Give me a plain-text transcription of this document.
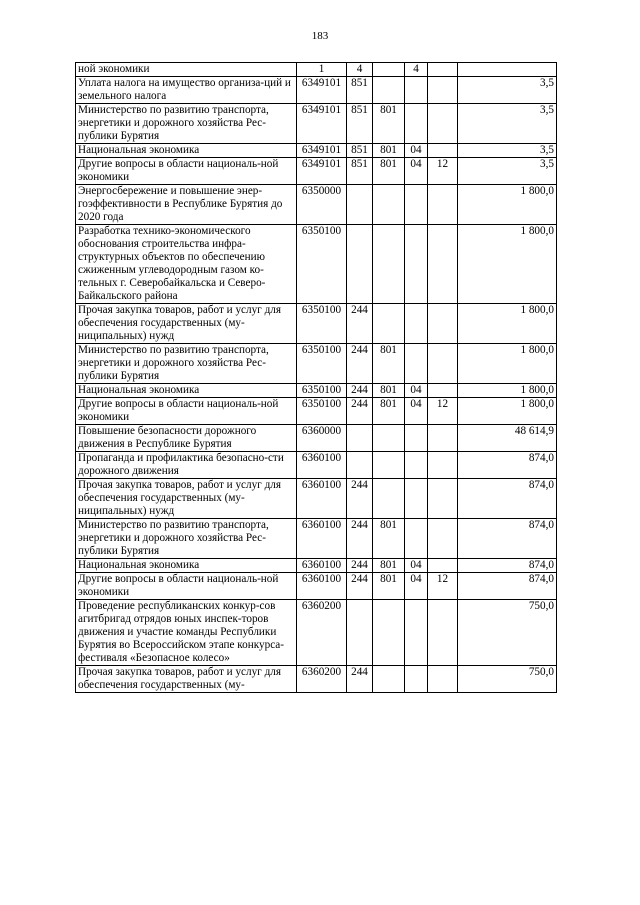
183
ной экономики	1	4		4		
Уплата налога на имущество организа-ций и земельного налога	6349101	851				3,5
Министерство по развитию транспорта, энергетики и дорожного хозяйства Рес-публики Бурятия	6349101	851	801			3,5
Национальная экономика	6349101	851	801	04		3,5
Другие вопросы в области националь-ной экономики	6349101	851	801	04	12	3,5
Энергосбережение и повышение энер-гоэффективности в Республике Бурятия до 2020 года	6350000					1 800,0
Разработка технико-экономического обоснования строительства инфра-структурных объектов по обеспечению сжиженным углеводородным газом ко-тельных г. Северобайкальска и Северо-Байкальского района	6350100					1 800,0
Прочая закупка товаров, работ и услуг для обеспечения государственных (му-ниципальных) нужд	6350100	244				1 800,0
Министерство по развитию транспорта, энергетики и дорожного хозяйства Рес-публики Бурятия	6350100	244	801			1 800,0
Национальная экономика	6350100	244	801	04		1 800,0
Другие вопросы в области националь-ной экономики	6350100	244	801	04	12	1 800,0
Повышение безопасности дорожного движения в Республике Бурятия	6360000					48 614,9
Пропаганда и профилактика безопасно-сти дорожного движения	6360100					874,0
Прочая закупка товаров, работ и услуг для обеспечения государственных (му-ниципальных) нужд	6360100	244				874,0
Министерство по развитию транспорта, энергетики и дорожного хозяйства Рес-публики Бурятия	6360100	244	801			874,0
Национальная экономика	6360100	244	801	04		874,0
Другие вопросы в области националь-ной экономики	6360100	244	801	04	12	874,0
Проведение республиканских конкур-сов агитбригад отрядов юных инспек-торов движения и участие команды Республики Бурятия во Всероссийском этапе конкурса-фестиваля «Безопасное колесо»	6360200					750,0
Прочая закупка товаров, работ и услуг для обеспечения государственных (му-	6360200	244				750,0
